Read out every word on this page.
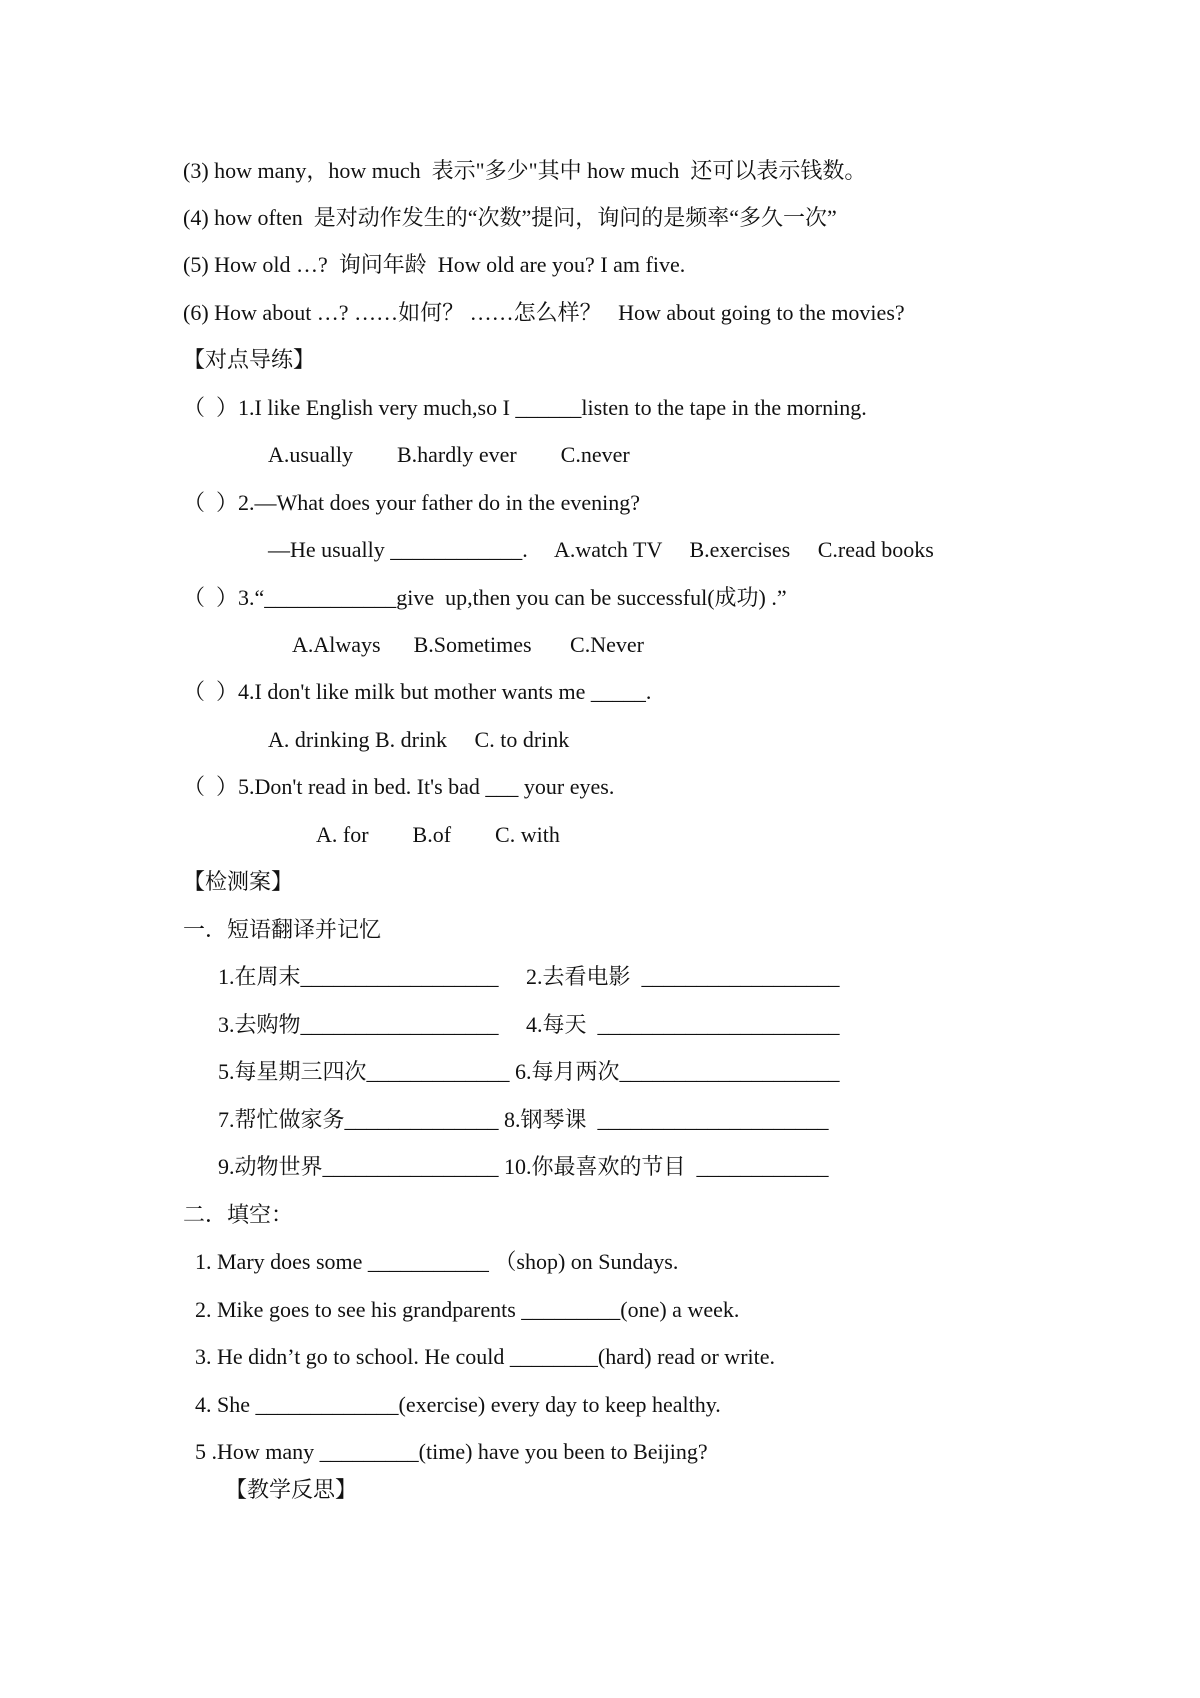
(3) how many，how much  表示"多少"其中 how much  还可以表示钱数。
(4) how often  是对动作发生的“次数”提问，询问的是频率“多久一次”
(5) How old …?  询问年龄  How old are you? I am five.
(6) How about …? ……如何？ ……怎么样？   How about going to the movies?
【对点导练】
（  ）1.I like English very much,so I ______listen to the tape in the morning.
A.usually        B.hardly ever        C.never
（  ）2.—What does your father do in the evening?
—He usually ____________.     A.watch TV     B.exercises     C.read books
（  ）3.“____________give  up,then you can be successful(成功) .”
A.Always      B.Sometimes       C.Never
（  ）4.I don't like milk but mother wants me _____.
A. drinking B. drink     C. to drink
（  ）5.Don't read in bed. It's bad ___ your eyes.
A. for        B.of        C. with
【检测案】
一．短语翻译并记忆
1.在周末__________________     2.去看电影  __________________
3.去购物__________________     4.每天  ______________________
5.每星期三四次_____________ 6.每月两次____________________
7.帮忙做家务______________ 8.钢琴课  _____________________
9.动物世界________________ 10.你最喜欢的节目  ____________
二．填空：
1. Mary does some ___________ （shop) on Sundays.
2. Mike goes to see his grandparents _________(one) a week.
3. He didn’t go to school. He could ________(hard) read or write.
4. She _____________(exercise) every day to keep healthy.
5 .How many _________(time) have you been to Beijing?
【教学反思】
